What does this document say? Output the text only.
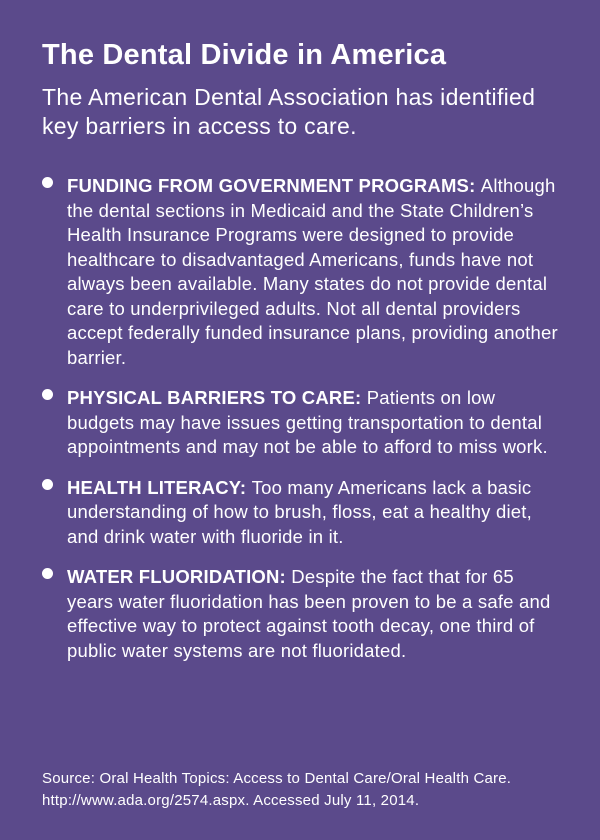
The Dental Divide in America

The American Dental Association has identified key barriers in access to care.

FUNDING FROM GOVERNMENT PROGRAMS: Although the dental sections in Medicaid and the State Children’s Health Insurance Programs were designed to provide healthcare to disadvantaged Americans, funds have not always been available. Many states do not provide dental care to underprivileged adults. Not all dental providers accept federally funded insurance plans, providing another barrier.
PHYSICAL BARRIERS TO CARE: Patients on low budgets may have issues getting transportation to dental appointments and may not be able to afford to miss work.
HEALTH LITERACY: Too many Americans lack a basic understanding of how to brush, floss, eat a healthy diet, and drink water with fluoride in it.
WATER FLUORIDATION: Despite the fact that for 65 years water fluoridation has been proven to be a safe and effective way to protect against tooth decay, one third of public water systems are not fluoridated.

Source: Oral Health Topics: Access to Dental Care/Oral Health Care. http://www.ada.org/2574.aspx. Accessed July 11, 2014.
